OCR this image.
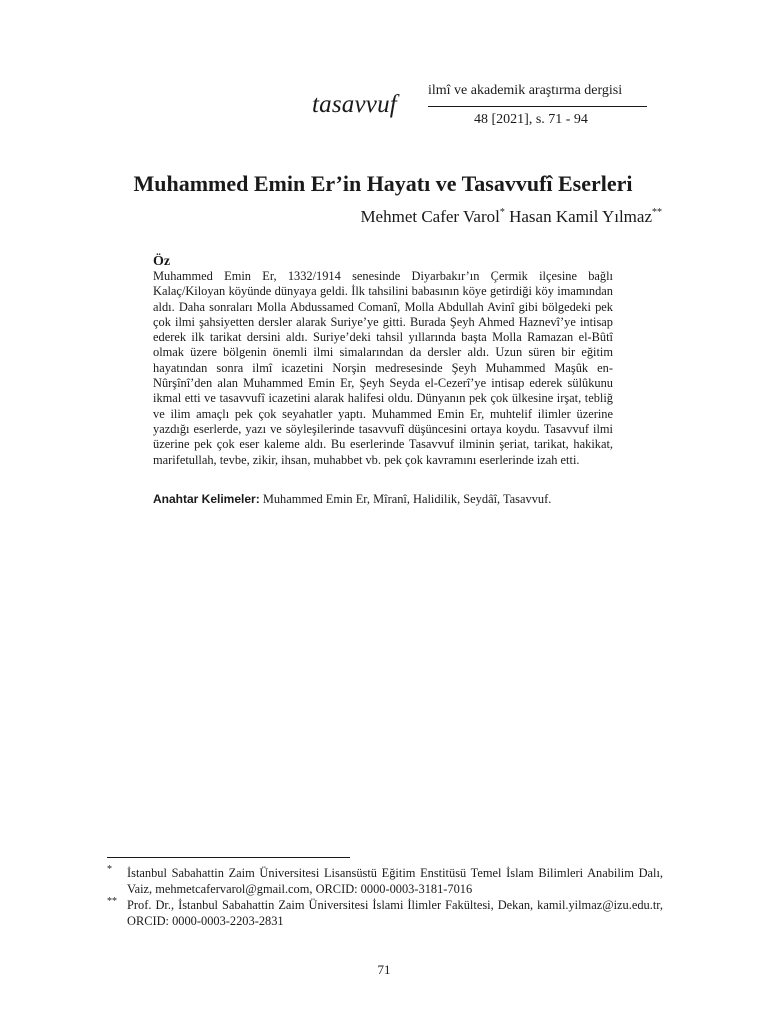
tasavvuf
ilmî ve akademik araştırma dergisi
48 [2021], s. 71 - 94
Muhammed Emin Er’in Hayatı ve Tasavvufî Eserleri
Mehmet Cafer Varol* Hasan Kamil Yılmaz**
Öz
Muhammed Emin Er, 1332/1914 senesinde Diyarbakır’ın Çermik ilçesine bağlı Kalaç/Kiloyan köyünde dünyaya geldi. İlk tahsilini babasının köye getirdiği köy imamından aldı. Daha sonraları Molla Abdussamed Comanî, Molla Abdullah Avinî gibi bölgedeki pek çok ilmi şahsiyetten dersler alarak Suriye’ye gitti. Burada Şeyh Ahmed Haznevî’ye intisap ederek ilk tarikat dersini aldı. Suriye’deki tahsil yıllarında başta Molla Ramazan el-Bûtî olmak üzere bölgenin önemli ilmi simalarından da dersler aldı. Uzun süren bir eğitim hayatından sonra ilmî icazetini Norşin medresesinde Şeyh Muhammed Maşûk en-Nûrşînî’den alan Muhammed Emin Er, Şeyh Seyda el-Cezerî’ye intisap ederek sülûkunu ikmal etti ve tasavvufî icazetini alarak halifesi oldu. Dünyanın pek çok ülkesine irşat, tebliğ ve ilim amaçlı pek çok seyahatler yaptı. Muhammed Emin Er, muhtelif ilimler üzerine yazdığı eserlerde, yazı ve söyleşilerinde tasavvufî düşüncesini ortaya koydu. Tasavvuf ilmi üzerine pek çok eser kaleme aldı. Bu eserlerinde Tasavvuf ilminin şeriat, tarikat, hakikat, marifetullah, tevbe, zikir, ihsan, muhabbet vb. pek çok kavramını eserlerinde izah etti.
Anahtar Kelimeler: Muhammed Emin Er, Mîranî, Halidilik, Seydâî, Tasavvuf.
* İstanbul Sabahattin Zaim Üniversitesi Lisansüstü Eğitim Enstitüsü Temel İslam Bilimleri Anabilim Dalı, Vaiz, mehmetcafervarol@gmail.com, ORCID: 0000-0003-3181-7016
** Prof. Dr., İstanbul Sabahattin Zaim Üniversitesi İslami İlimler Fakültesi, Dekan, kamil.yilmaz@izu.edu.tr, ORCID: 0000-0003-2203-2831
71
